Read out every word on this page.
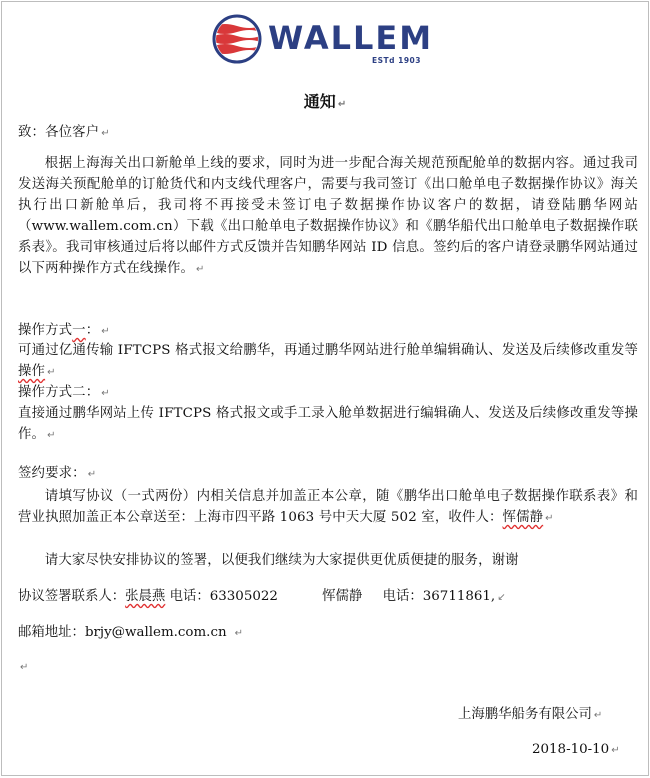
WALLEM
ESTd 1903
通知 ↵
致：各位客户 ↵
根据上海海关出口新舱单上线的要求，同时为进一步配合海关规范预配舱单的数据内容。通过我司发送海关预配舱单的订舱货代和内支线代理客户，需要与我司签订《出口舱单电子数据操作协议》海关执行出口新舱单后，我司将不再接受未签订电子数据操作协议客户的数据，请登陆鹏华网站（www.wallem.com.cn）下载《出口舱单电子数据操作协议》和《鹏华船代出口舱单电子数据操作联系表》。我司审核通过后将以邮件方式反馈并告知鹏华网站 ID 信息。签约后的客户请登录鹏华网站通过以下两种操作方式在线操作。 ↵
操作方式一： ↵
可通过亿通传输 IFTCPS 格式报文给鹏华，再通过鹏华网站进行舱单编辑确认、发送及后续修改重发等操作 ↵
操作方式二： ↵
直接通过鹏华网站上传 IFTCPS 格式报文或手工录入舱单数据进行编辑确人、发送及后续修改重发等操作。 ↵
签约要求： ↵
请填写协议（一式两份）内相关信息并加盖正本公章，随《鹏华出口舱单电子数据操作联系表》和营业执照加盖正本公章送至：上海市四平路 1063 号中天大厦 502 室，收件人：恽儒静 ↵
请大家尽快安排协议的签署，以便我们继续为大家提供更优质便捷的服务，谢谢
协议签署联系人：张晨燕 电话：63305022	恽儒静 电话：36711861, ↙
邮箱地址：brjy@wallem.com.cn ↵
↵
上海鹏华船务有限公司 ↵
2018-10-10 ↵
